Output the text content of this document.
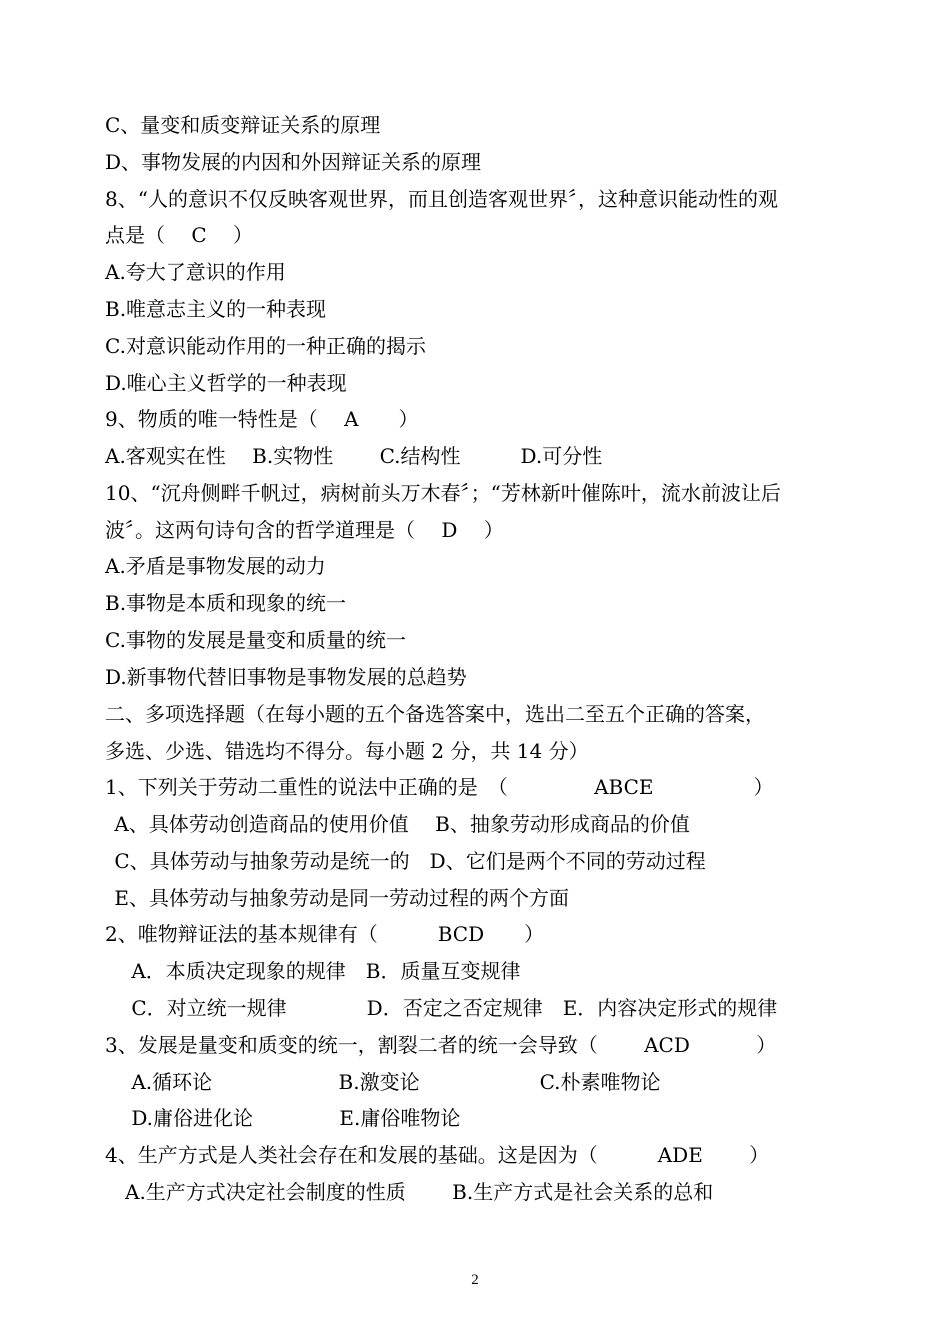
C、量变和质变辩证关系的原理
D、事物发展的内因和外因辩证关系的原理
8、“人的意识不仅反映客观世界，而且创造客观世界〞，这种意识能动性的观
点是（　 C　 ）
A.夸大了意识的作用
B.唯意志主义的一种表现
C.对意识能动作用的一种正确的揭示
D.唯心主义哲学的一种表现
9、物质的唯一特性是（　 A　　）
A.客观实在性　 B.实物性　　 C.结构性　　　D.可分性
10、“沉舟侧畔千帆过，病树前头万木春〞；“芳林新叶催陈叶，流水前波让后
波〞。这两句诗句含的哲学道理是（　 D　 ）
A.矛盾是事物发展的动力
B.事物是本质和现象的统一
C.事物的发展是量变和质量的统一
D.新事物代替旧事物是事物发展的总趋势
二、多项选择题（在每小题的五个备选答案中，选出二至五个正确的答案，
多选、少选、错选均不得分。每小题 2 分，共 14 分）
1、下列关于劳动二重性的说法中正确的是　（　　　　 ABCE　　　　　）
A、具体劳动创造商品的使用价值　 B、抽象劳动形成商品的价值
C、具体劳动与抽象劳动是统一的　D、它们是两个不同的劳动过程
E、具体劳动与抽象劳动是同一劳动过程的两个方面
2、唯物辩证法的基本规律有（　　　BCD　　）
　 A．本质决定现象的规律　B．质量互变规律
　 C．对立统一规律　　　　D．否定之否定规律　E．内容决定形式的规律
3、发展是量变和质变的统一，割裂二者的统一会导致（　　 ACD　　　 ）
　 A.循环论　　　　　　 B.激变论　　　　　　C.朴素唯物论
　 D.庸俗进化论　　　　 E.庸俗唯物论
4、生产方式是人类社会存在和发展的基础。这是因为（　　　ADE　　 ）
　A.生产方式决定社会制度的性质　　 B.生产方式是社会关系的总和
2
